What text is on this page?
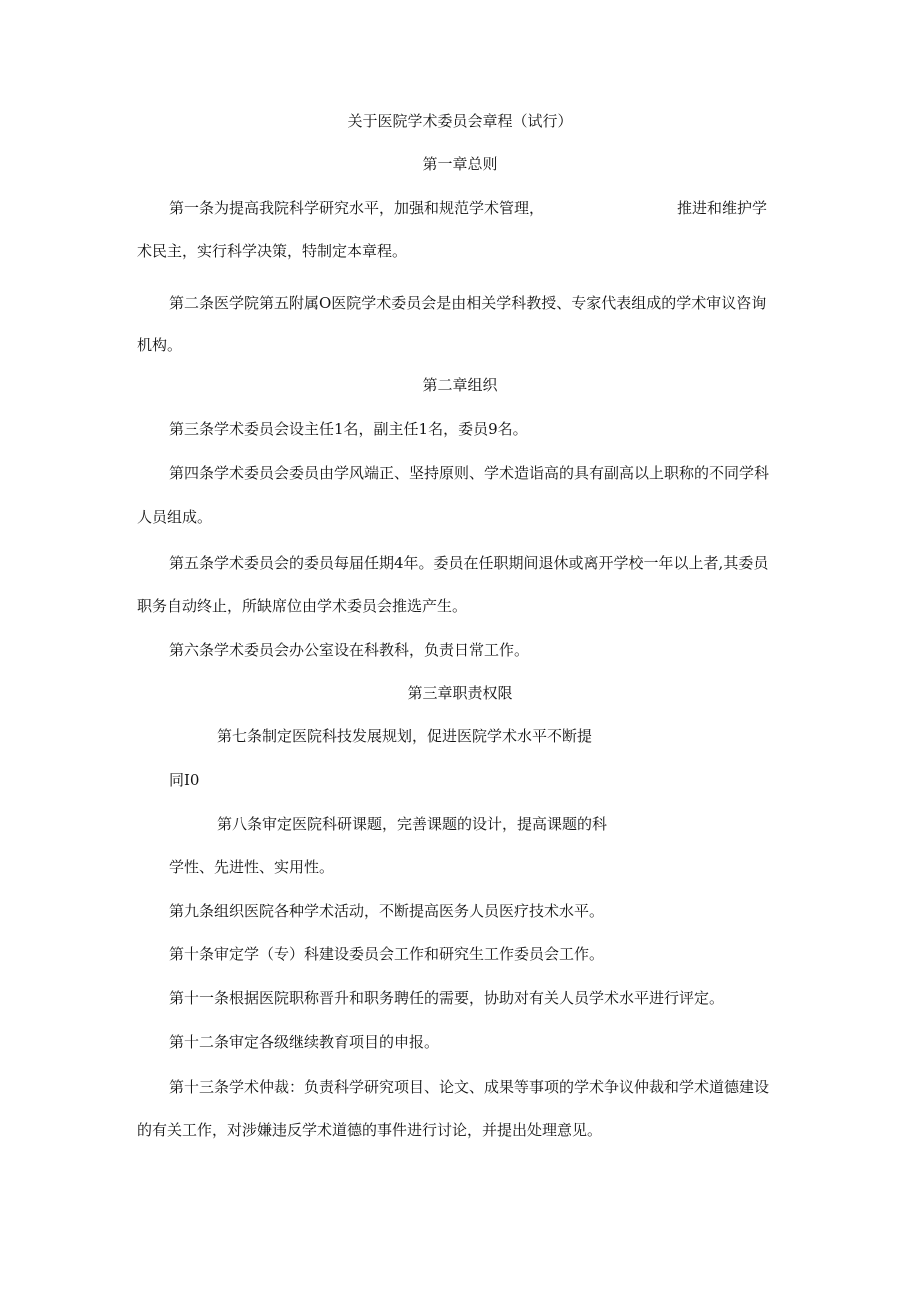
关于医院学术委员会章程（试行）

第一章总则

第一条为提高我院科学研究水平，加强和规范学术管理，	推进和维护学

术民主，实行科学决策，特制定本章程。

第二条医学院第五附属O医院学术委员会是由相关学科教授、专家代表组成的学术审议咨询

机构。

第二章组织

第三条学术委员会设主任1名，副主任1名，委员9名。

第四条学术委员会委员由学风端正、坚持原则、学术造诣高的具有副高以上职称的不同学科

人员组成。

第五条学术委员会的委员每届任期4年。委员在任职期间退休或离开学校一年以上者,其委员

职务自动终止，所缺席位由学术委员会推选产生。

第六条学术委员会办公室设在科教科，负责日常工作。

第三章职责权限

第七条制定医院科技发展规划，促进医院学术水平不断提

同I0

第八条审定医院科研课题，完善课题的设计，提高课题的科

学性、先进性、实用性。

第九条组织医院各种学术活动，不断提高医务人员医疗技术水平。

第十条审定学（专）科建设委员会工作和研究生工作委员会工作。

第十一条根据医院职称晋升和职务聘任的需要，协助对有关人员学术水平进行评定。

第十二条审定各级继续教育项目的申报。

第十三条学术仲裁：负责科学研究项目、论文、成果等事项的学术争议仲裁和学术道德建设

的有关工作，对涉嫌违反学术道德的事件进行讨论，并提出处理意见。
